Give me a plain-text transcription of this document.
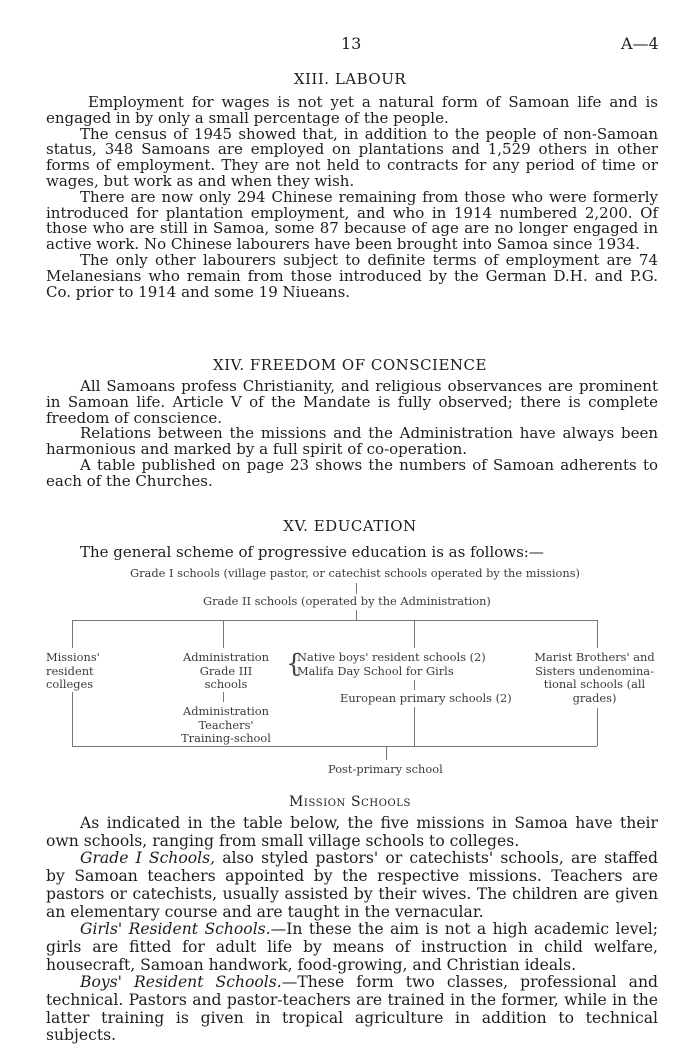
13	A—4
XIII. LABOUR

Employment for wages is not yet a natural form of Samoan life and is engaged in by only a small percentage of the people.

The census of 1945 showed that, in addition to the people of non-Samoan status, 348 Samoans are employed on plantations and 1,529 others in other forms of employment. They are not held to contracts for any period of time or wages, but work as and when they wish.

There are now only 294 Chinese remaining from those who were formerly introduced for plantation employment, and who in 1914 numbered 2,200. Of those who are still in Samoa, some 87 because of age are no longer engaged in active work. No Chinese labourers have been brought into Samoa since 1934.

The only other labourers subject to definite terms of employment are 74 Melanesians who remain from those introduced by the German D.H. and P.G. Co. prior to 1914 and some 19 Niueans.

XIV. FREEDOM OF CONSCIENCE

All Samoans profess Christianity, and religious observances are prominent in Samoan life. Article V of the Mandate is fully observed; there is complete freedom of conscience.

Relations between the missions and the Administration have always been harmonious and marked by a full spirit of co-operation.

A table published on page 23 shows the numbers of Samoan adherents to each of the Churches.

XV. EDUCATION
The general scheme of progressive education is as follows:—
Grade I schools (village pastor, or catechist schools operated by the missions)
Grade II schools (operated by the Administration)
Missions'
resident
colleges
Administration
Grade III
schools
{
Native boys' resident schools (2)
Malifa Day School for Girls
Marist Brothers' and
Sisters undenomina-
tional schools (all
grades)
European primary schools (2)
Administration
Teachers'
Training-school
Post-primary school
Mission Schools

As indicated in the table below, the five missions in Samoa have their own schools, ranging from small village schools to colleges.

Grade I Schools, also styled pastors' or catechists' schools, are staffed by Samoan teachers appointed by the respective missions. Teachers are pastors or catechists, usually assisted by their wives. The children are given an elementary course and are taught in the vernacular.

Girls' Resident Schools.—In these the aim is not a high academic level; girls are fitted for adult life by means of instruction in child welfare, housecraft, Samoan handwork, food-growing, and Christian ideals.

Boys' Resident Schools.—These form two classes, professional and technical. Pastors and pastor-teachers are trained in the former, while in the latter training is given in tropical agriculture in addition to technical subjects.
